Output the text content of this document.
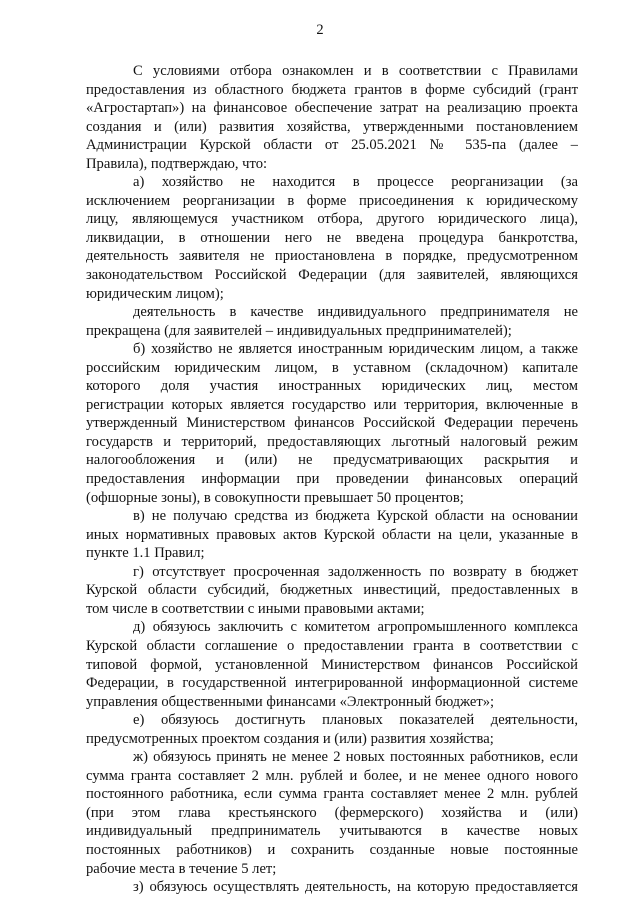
2
С условиями отбора ознакомлен и в соответствии с Правилами
предоставления из областного бюджета грантов в форме субсидий (грант
«Агростартап») на финансовое обеспечение затрат на реализацию проекта
создания и (или) развития хозяйства, утвержденными постановлением
Администрации Курской области от 25.05.2021 № 535-па (далее –
Правила), подтверждаю, что:
а) хозяйство не находится в процессе реорганизации (за
исключением реорганизации в форме присоединения к юридическому
лицу, являющемуся участником отбора, другого юридического лица),
ликвидации, в отношении него не введена процедура банкротства,
деятельность заявителя не приостановлена в порядке, предусмотренном
законодательством Российской Федерации (для заявителей, являющихся
юридическим лицом);
деятельность в качестве индивидуального предпринимателя не
прекращена (для заявителей – индивидуальных предпринимателей);
б) хозяйство не является иностранным юридическим лицом, а также
российским юридическим лицом, в уставном (складочном) капитале
которого доля участия иностранных юридических лиц, местом
регистрации которых является государство или территория, включенные в
утвержденный Министерством финансов Российской Федерации перечень
государств и территорий, предоставляющих льготный налоговый режим
налогообложения и (или) не предусматривающих раскрытия и
предоставления информации при проведении финансовых операций
(офшорные зоны), в совокупности превышает 50 процентов;
в) не получаю средства из бюджета Курской области на основании
иных нормативных правовых актов Курской области на цели, указанные в
пункте 1.1 Правил;
г) отсутствует просроченная задолженность по возврату в бюджет
Курской области субсидий, бюджетных инвестиций, предоставленных в
том числе в соответствии с иными правовыми актами;
д) обязуюсь заключить с комитетом агропромышленного комплекса
Курской области соглашение о предоставлении гранта в соответствии с
типовой формой, установленной Министерством финансов Российской
Федерации, в государственной интегрированной информационной системе
управления общественными финансами «Электронный бюджет»;
е) обязуюсь достигнуть плановых показателей деятельности,
предусмотренных проектом создания и (или) развития хозяйства;
ж) обязуюсь принять не менее 2 новых постоянных работников, если
сумма гранта составляет 2 млн. рублей и более, и не менее одного нового
постоянного работника, если сумма гранта составляет менее 2 млн. рублей
(при этом глава крестьянского (фермерского) хозяйства и (или)
индивидуальный предприниматель учитываются в качестве новых
постоянных работников) и сохранить созданные новые постоянные
рабочие места в течение 5 лет;
з) обязуюсь осуществлять деятельность, на которую предоставляется
